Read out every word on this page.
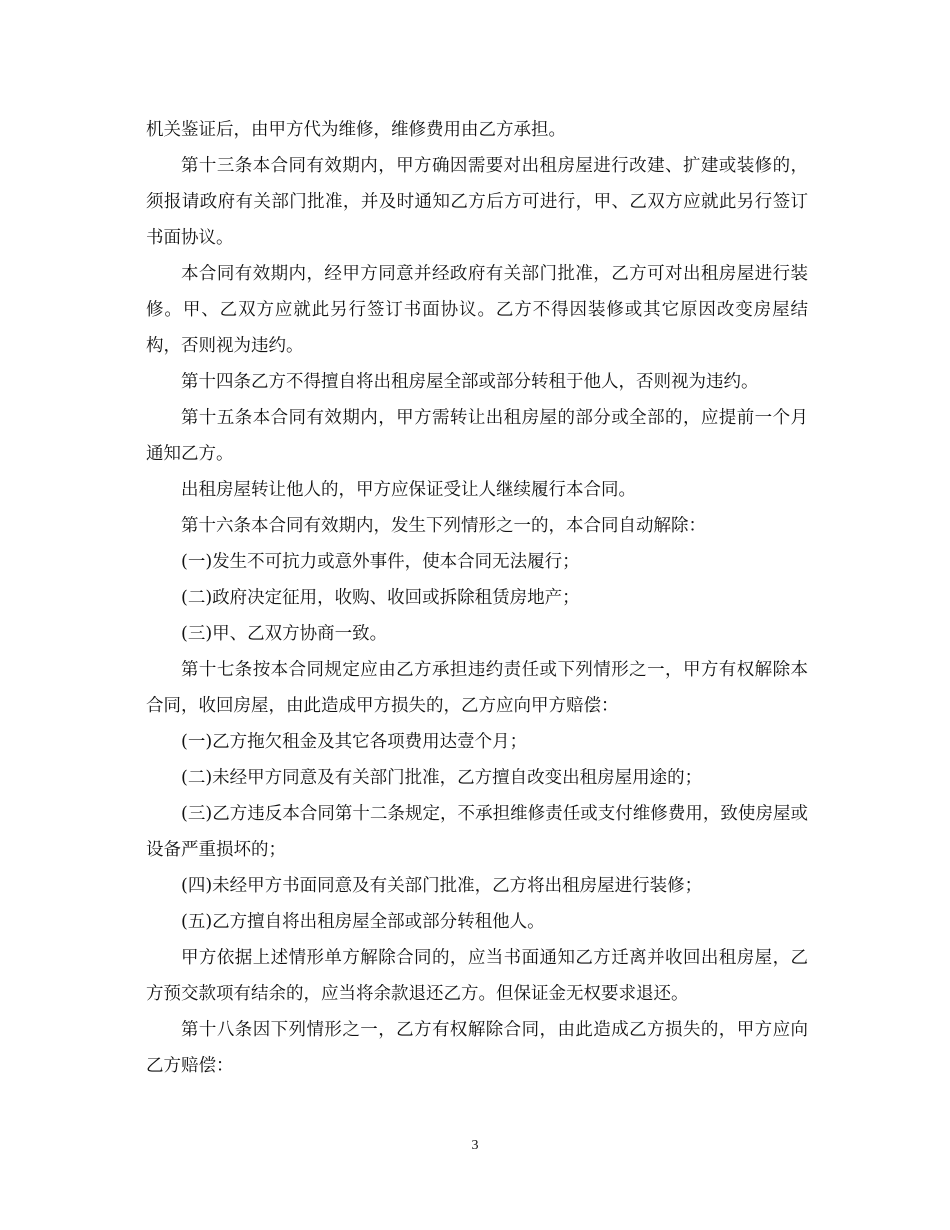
机关鉴证后，由甲方代为维修，维修费用由乙方承担。

第十三条本合同有效期内，甲方确因需要对出租房屋进行改建、扩建或装修的，须报请政府有关部门批准，并及时通知乙方后方可进行，甲、乙双方应就此另行签订书面协议。

本合同有效期内，经甲方同意并经政府有关部门批准，乙方可对出租房屋进行装修。甲、乙双方应就此另行签订书面协议。乙方不得因装修或其它原因改变房屋结构，否则视为违约。

第十四条乙方不得擅自将出租房屋全部或部分转租于他人，否则视为违约。

第十五条本合同有效期内，甲方需转让出租房屋的部分或全部的，应提前一个月通知乙方。

出租房屋转让他人的，甲方应保证受让人继续履行本合同。

第十六条本合同有效期内，发生下列情形之一的，本合同自动解除：

(一)发生不可抗力或意外事件，使本合同无法履行；

(二)政府决定征用，收购、收回或拆除租赁房地产；

(三)甲、乙双方协商一致。

第十七条按本合同规定应由乙方承担违约责任或下列情形之一，甲方有权解除本合同，收回房屋，由此造成甲方损失的，乙方应向甲方赔偿：

(一)乙方拖欠租金及其它各项费用达壹个月；

(二)未经甲方同意及有关部门批准，乙方擅自改变出租房屋用途的；

(三)乙方违反本合同第十二条规定，不承担维修责任或支付维修费用，致使房屋或设备严重损坏的；

(四)未经甲方书面同意及有关部门批准，乙方将出租房屋进行装修；

(五)乙方擅自将出租房屋全部或部分转租他人。

甲方依据上述情形单方解除合同的，应当书面通知乙方迁离并收回出租房屋，乙方预交款项有结余的，应当将余款退还乙方。但保证金无权要求退还。

第十八条因下列情形之一，乙方有权解除合同，由此造成乙方损失的，甲方应向乙方赔偿：

3
